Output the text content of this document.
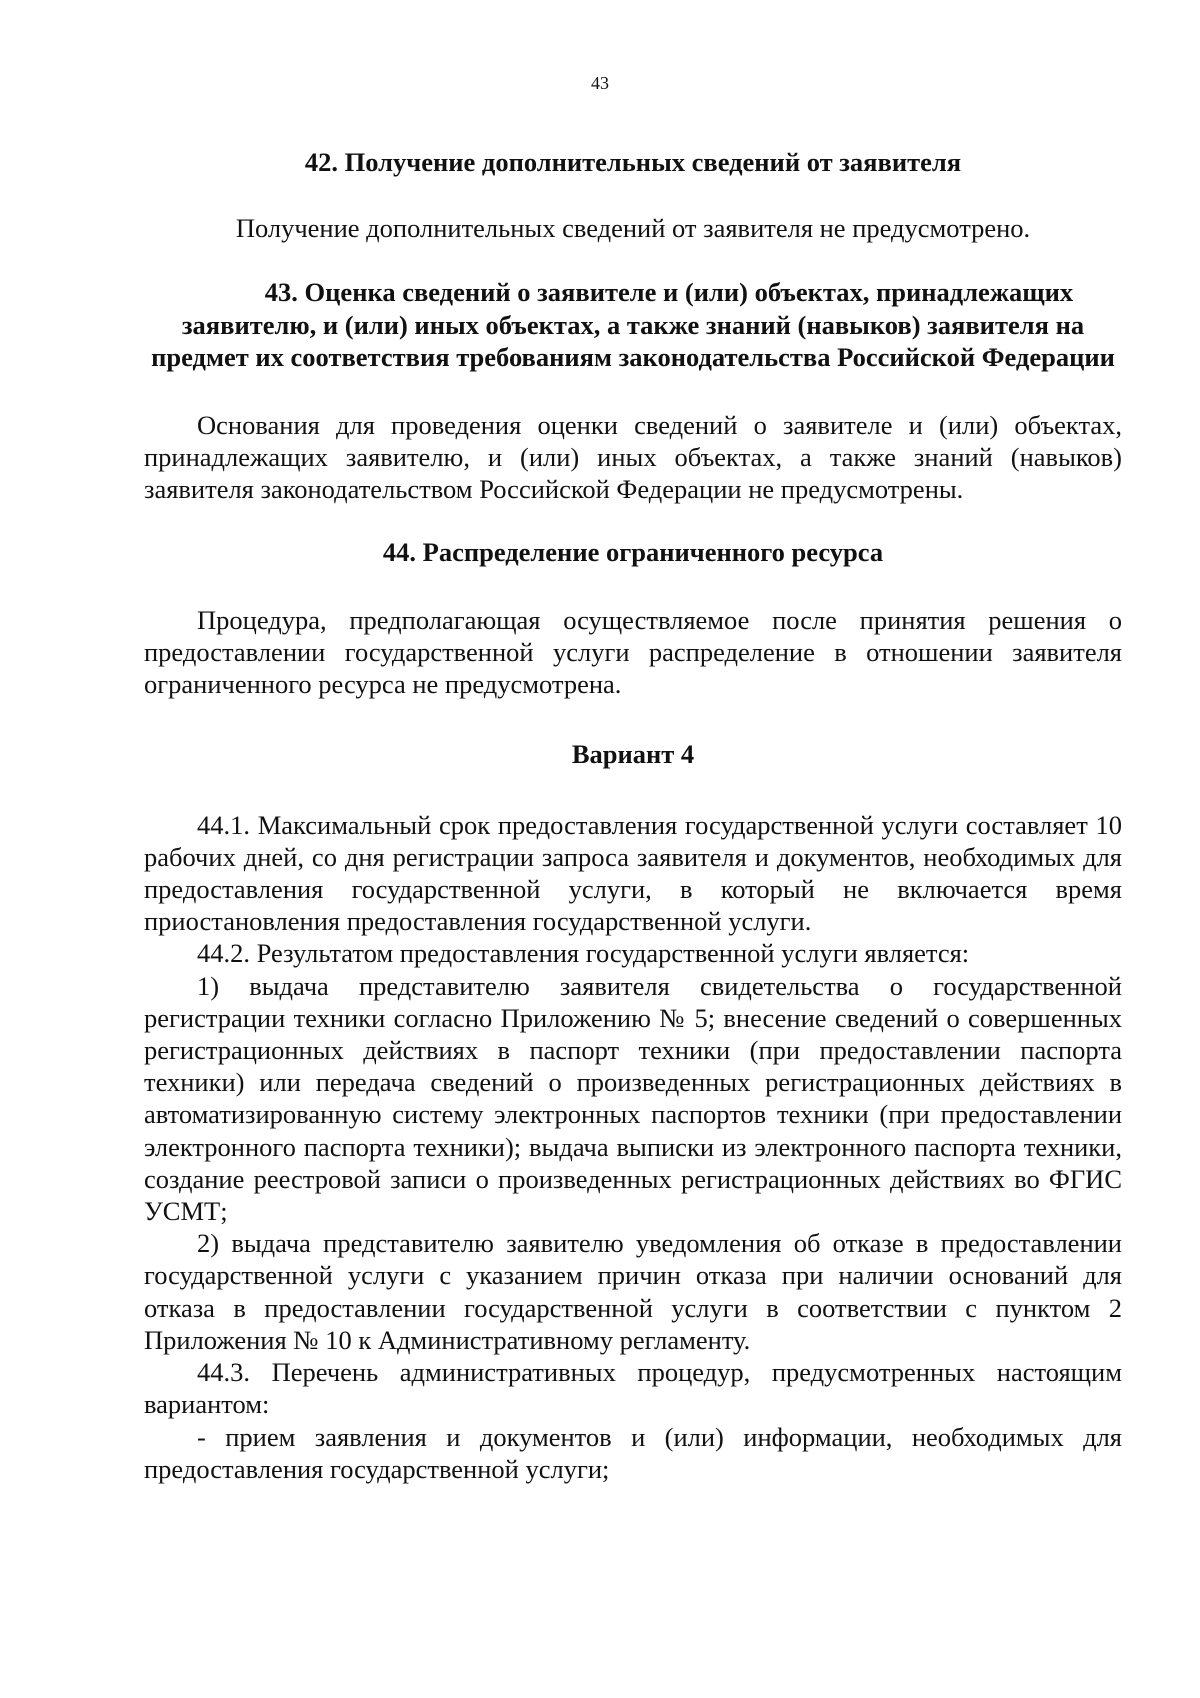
43
42. Получение дополнительных сведений от заявителя

Получение дополнительных сведений от заявителя не предусмотрено.

43. Оценка сведений о заявителе и (или) объектах, принадлежащих заявителю, и (или) иных объектах, а также знаний (навыков) заявителя на предмет их соответствия требованиям законодательства Российской Федерации

Основания для проведения оценки сведений о заявителе и (или) объектах, принадлежащих заявителю, и (или) иных объектах, а также знаний (навыков) заявителя законодательством Российской Федерации не предусмотрены.

44. Распределение ограниченного ресурса

Процедура, предполагающая осуществляемое после принятия решения о предоставлении государственной услуги распределение в отношении заявителя ограниченного ресурса не предусмотрена.

Вариант 4

44.1. Максимальный срок предоставления государственной услуги составляет 10 рабочих дней, со дня регистрации запроса заявителя и документов, необходимых для предоставления государственной услуги, в который не включается время приостановления предоставления государственной услуги.

44.2. Результатом предоставления государственной услуги является:

1) выдача представителю заявителя свидетельства о государственной регистрации техники согласно Приложению № 5; внесение сведений о совершенных регистрационных действиях в паспорт техники (при предоставлении паспорта техники) или передача сведений о произведенных регистрационных действиях в автоматизированную систему электронных паспортов техники (при предоставлении электронного паспорта техники); выдача выписки из электронного паспорта техники, создание реестровой записи о произведенных регистрационных действиях во ФГИС УСМТ;

2) выдача представителю заявителю уведомления об отказе в предоставлении государственной услуги с указанием причин отказа при наличии оснований для отказа в предоставлении государственной услуги в соответствии с пунктом 2 Приложения № 10 к Административному регламенту.

44.3. Перечень административных процедур, предусмотренных настоящим вариантом:

- прием заявления и документов и (или) информации, необходимых для предоставления государственной услуги;
